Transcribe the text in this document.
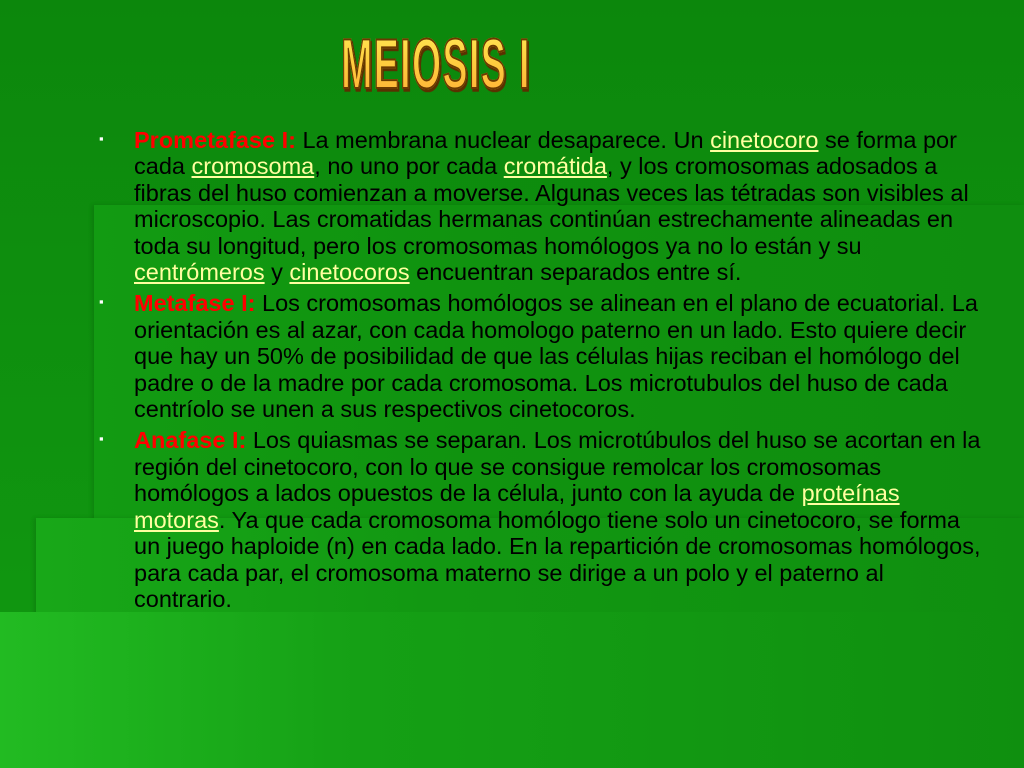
MEIOSIS I
▪ Prometafase I: La membrana nuclear desaparece. Un cinetocoro se forma por cada cromosoma, no uno por cada cromátida, y los cromosomas adosados a fibras del huso comienzan a moverse. Algunas veces las tétradas son visibles al microscopio. Las cromatidas hermanas continúan estrechamente alineadas en toda su longitud, pero los cromosomas homólogos ya no lo están y su centrómeros y cinetocoros encuentran separados entre sí.
▪ Metafase I: Los cromosomas homólogos se alinean en el plano de ecuatorial. La orientación es al azar, con cada homologo paterno en un lado. Esto quiere decir que hay un 50% de posibilidad de que las células hijas reciban el homólogo del padre o de la madre por cada cromosoma. Los microtubulos del huso de cada centríolo se unen a sus respectivos cinetocoros.
▪ Anafase I: Los quiasmas se separan. Los microtúbulos del huso se acortan en la región del cinetocoro, con lo que se consigue remolcar los cromosomas homólogos a lados opuestos de la célula, junto con la ayuda de proteínas motoras. Ya que cada cromosoma homólogo tiene solo un cinetocoro, se forma un juego haploide (n) en cada lado. En la repartición de cromosomas homólogos, para cada par, el cromosoma materno se dirige a un polo y el paterno al contrario.
